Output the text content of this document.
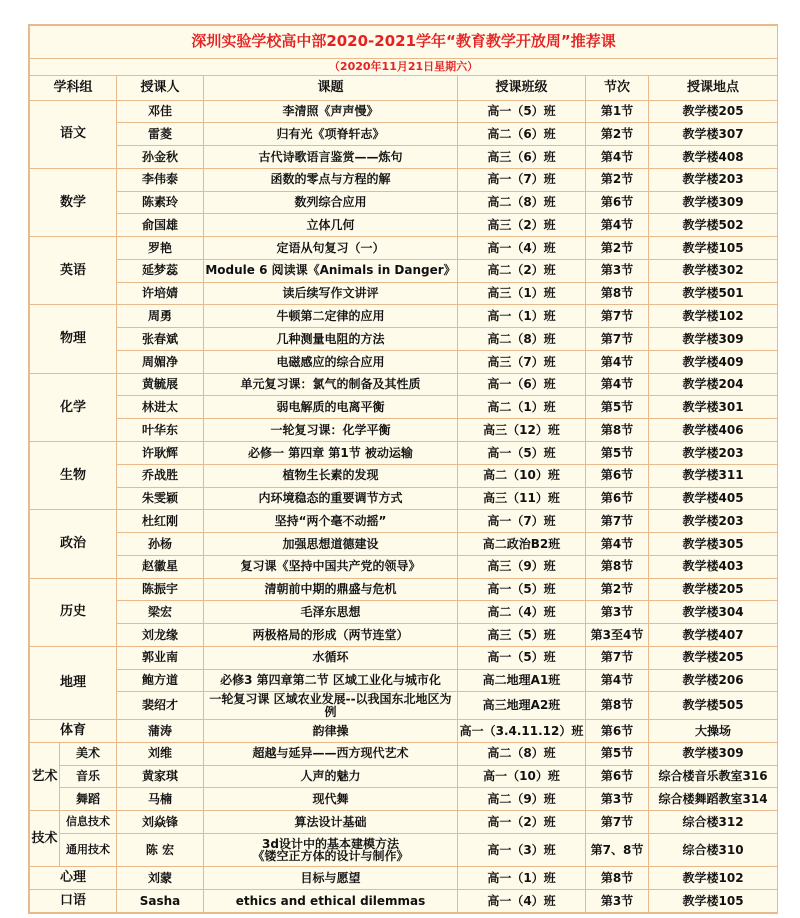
深圳实验学校高中部2020-2021学年“教育教学开放周”推荐课						
（2020年11月21日星期六）						
学科组		授课人	课题	授课班级	节次	授课地点
语文		邓佳	李清照《声声慢》	高一（5）班	第1节	教学楼205
		雷菱	归有光《项脊轩志》	高二（6）班	第2节	教学楼307
		孙金秋	古代诗歌语言鉴赏——炼句	高三（6）班	第4节	教学楼408
数学		李伟泰	函数的零点与方程的解	高一（7）班	第2节	教学楼203
		陈素玲	数列综合应用	高二（8）班	第6节	教学楼309
		俞国雄	立体几何	高三（2）班	第4节	教学楼502
英语		罗艳	定语从句复习（一）	高一（4）班	第2节	教学楼105
		延梦蕊	Module 6 阅读课《Animals in Danger》	高二（2）班	第3节	教学楼302
		许培婧	读后续写作文讲评	高三（1）班	第8节	教学楼501
物理		周勇	牛顿第二定律的应用	高一（1）班	第7节	教学楼102
		张春斌	几种测量电阻的方法	高二（8）班	第7节	教学楼309
		周媚净	电磁感应的综合应用	高三（7）班	第4节	教学楼409
化学		黄毓展	单元复习课：氯气的制备及其性质	高一（6）班	第4节	教学楼204
		林进太	弱电解质的电离平衡	高二（1）班	第5节	教学楼301
		叶华东	一轮复习课：化学平衡	高三（12）班	第8节	教学楼406
生物		许耿辉	必修一 第四章 第1节 被动运输	高一（5）班	第5节	教学楼203
		乔战胜	植物生长素的发现	高二（10）班	第6节	教学楼311
		朱雯颖	内环境稳态的重要调节方式	高三（11）班	第6节	教学楼405
政治		杜红刚	坚持“两个毫不动摇”	高一（7）班	第7节	教学楼203
		孙杨	加强思想道德建设	高二政治B2班	第4节	教学楼305
		赵徽星	复习课《坚持中国共产党的领导》	高三（9）班	第8节	教学楼403
历史		陈振宇	清朝前中期的鼎盛与危机	高一（5）班	第2节	教学楼205
		梁宏	毛泽东思想	高二（4）班	第3节	教学楼304
		刘龙缘	两极格局的形成（两节连堂）	高三（5）班	第3至4节	教学楼407
地理		郭业南	水循环	高一（5）班	第7节	教学楼205
		鲍方道	必修3 第四章第二节 区域工业化与城市化	高二地理A1班	第4节	教学楼206
		裴绍才	一轮复习课 区域农业发展--以我国东北地区为例	高三地理A2班	第8节	教学楼505
体育		蒲涛	韵律操	高一（3.4.11.12）班	第6节	大操场
艺术	美术	刘维	超越与延异——西方现代艺术	高二（8）班	第5节	教学楼309
	音乐	黄家琪	人声的魅力	高一（10）班	第6节	综合楼音乐教室316
	舞蹈	马楠	现代舞	高二（9）班	第3节	综合楼舞蹈教室314
技术	信息技术	刘焱锋	算法设计基础	高一（2）班	第7节	综合楼312
	通用技术	陈 宏	3d设计中的基本建模方法
《镂空正方体的设计与制作》	高一（3）班	第7、8节	综合楼310
心理		刘蒙	目标与愿望	高一（1）班	第8节	教学楼102
口语		Sasha	ethics and ethical dilemmas	高一（4）班	第3节	教学楼105
